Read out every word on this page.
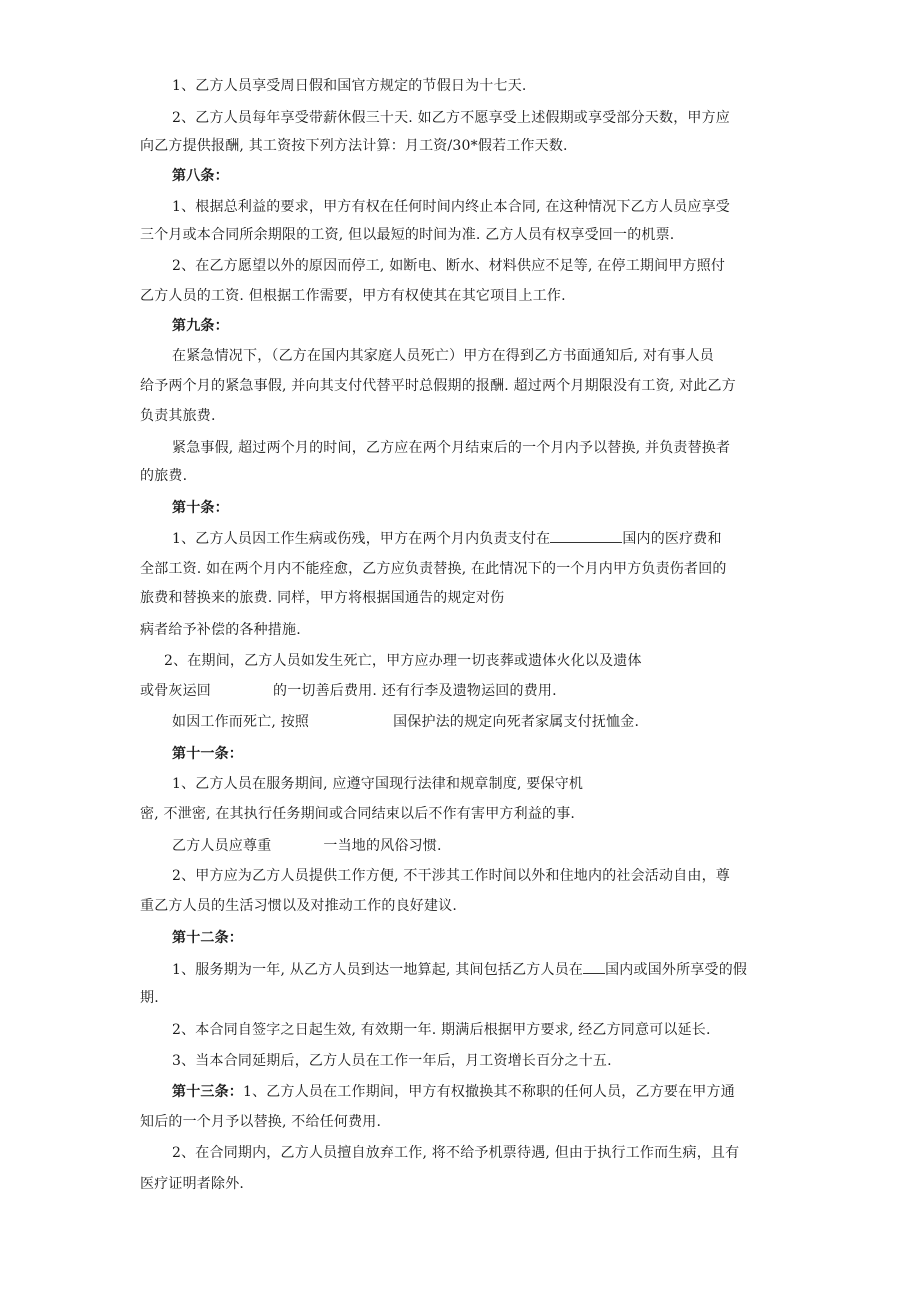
1、乙方人员享受周日假和国官方规定的节假日为十七天.
2、乙方人员每年享受带薪休假三十天. 如乙方不愿享受上述假期或享受部分天数，甲方应
向乙方提供报酬, 其工资按下列方法计算：月工资/30*假若工作天数.
第八条：
1、根据总利益的要求，甲方有权在任何时间内终止本合同, 在这种情况下乙方人员应享受
三个月或本合同所余期限的工资, 但以最短的时间为准. 乙方人员有权享受回一的机票.
2、在乙方愿望以外的原因而停工, 如断电、断水、材料供应不足等, 在停工期间甲方照付
乙方人员的工资. 但根据工作需要，甲方有权使其在其它项目上工作.
第九条：
在紧急情况下，（乙方在国内其家庭人员死亡）甲方在得到乙方书面通知后, 对有事人员
给予两个月的紧急事假, 并向其支付代替平时总假期的报酬. 超过两个月期限没有工资, 对此乙方
负责其旅费.
紧急事假, 超过两个月的时间，乙方应在两个月结束后的一个月内予以替换, 并负责替换者
的旅费.
第十条：
1、乙方人员因工作生病或伤残，甲方在两个月内负责支付在	国内的医疗费和
全部工资. 如在两个月内不能痊愈，乙方应负责替换, 在此情况下的一个月内甲方负责伤者回的
旅费和替换来的旅费. 同样，甲方将根据国通告的规定对伤
病者给予补偿的各种措施.
2、在期间，乙方人员如发生死亡，甲方应办理一切丧葬或遗体火化以及遗体
或骨灰运回	的一切善后费用. 还有行李及遗物运回的费用.
如因工作而死亡, 按照	国保护法的规定向死者家属支付抚恤金.
第十一条：
1、乙方人员在服务期间, 应遵守国现行法律和规章制度, 要保守机
密, 不泄密, 在其执行任务期间或合同结束以后不作有害甲方利益的事.
乙方人员应尊重	一当地的风俗习惯.
2、甲方应为乙方人员提供工作方便, 不干涉其工作时间以外和住地内的社会活动自由，尊
重乙方人员的生活习惯以及对推动工作的良好建议.
第十二条：
1、服务期为一年, 从乙方人员到达一地算起, 其间包括乙方人员在 国内或国外所享受的假
期.
2、本合同自签字之日起生效, 有效期一年. 期满后根据甲方要求, 经乙方同意可以延长.
3、当本合同延期后，乙方人员在工作一年后，月工资增长百分之十五.
第十三条：1、乙方人员在工作期间，甲方有权撤换其不称职的任何人员，乙方要在甲方通
知后的一个月予以替换, 不给任何费用.
2、在合同期内，乙方人员擅自放弃工作, 将不给予机票待遇, 但由于执行工作而生病，且有
医疗证明者除外.
